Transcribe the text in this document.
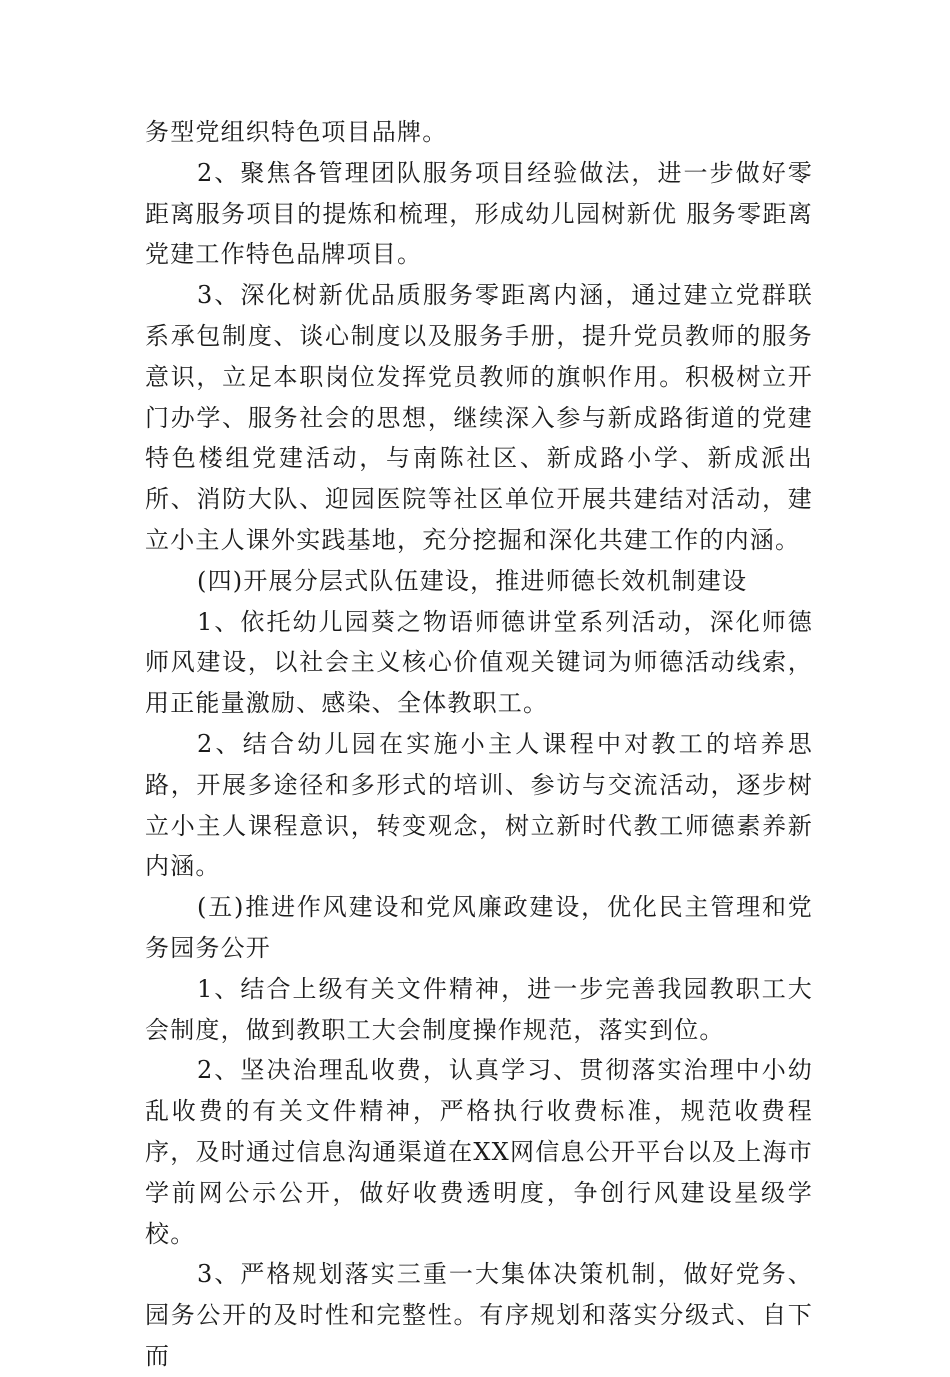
务型党组织特色项目品牌。

2、聚焦各管理团队服务项目经验做法，进一步做好零距离服务项目的提炼和梳理，形成幼儿园树新优 服务零距离党建工作特色品牌项目。

3、深化树新优品质服务零距离内涵，通过建立党群联系承包制度、谈心制度以及服务手册，提升党员教师的服务意识，立足本职岗位发挥党员教师的旗帜作用。积极树立开门办学、服务社会的思想，继续深入参与新成路街道的党建特色楼组党建活动，与南陈社区、新成路小学、新成派出所、消防大队、迎园医院等社区单位开展共建结对活动，建立小主人课外实践基地，充分挖掘和深化共建工作的内涵。

(四)开展分层式队伍建设，推进师德长效机制建设

1、依托幼儿园葵之物语师德讲堂系列活动，深化师德师风建设，以社会主义核心价值观关键词为师德活动线索，用正能量激励、感染、全体教职工。

2、结合幼儿园在实施小主人课程中对教工的培养思路，开展多途径和多形式的培训、参访与交流活动，逐步树立小主人课程意识，转变观念，树立新时代教工师德素养新内涵。

(五)推进作风建设和党风廉政建设，优化民主管理和党务园务公开

1、结合上级有关文件精神，进一步完善我园教职工大会制度，做到教职工大会制度操作规范，落实到位。

2、坚决治理乱收费，认真学习、贯彻落实治理中小幼乱收费的有关文件精神，严格执行收费标准，规范收费程序，及时通过信息沟通渠道在XX网信息公开平台以及上海市学前网公示公开，做好收费透明度，争创行风建设星级学校。

3、严格规划落实三重一大集体决策机制，做好党务、园务公开的及时性和完整性。有序规划和落实分级式、自下而
